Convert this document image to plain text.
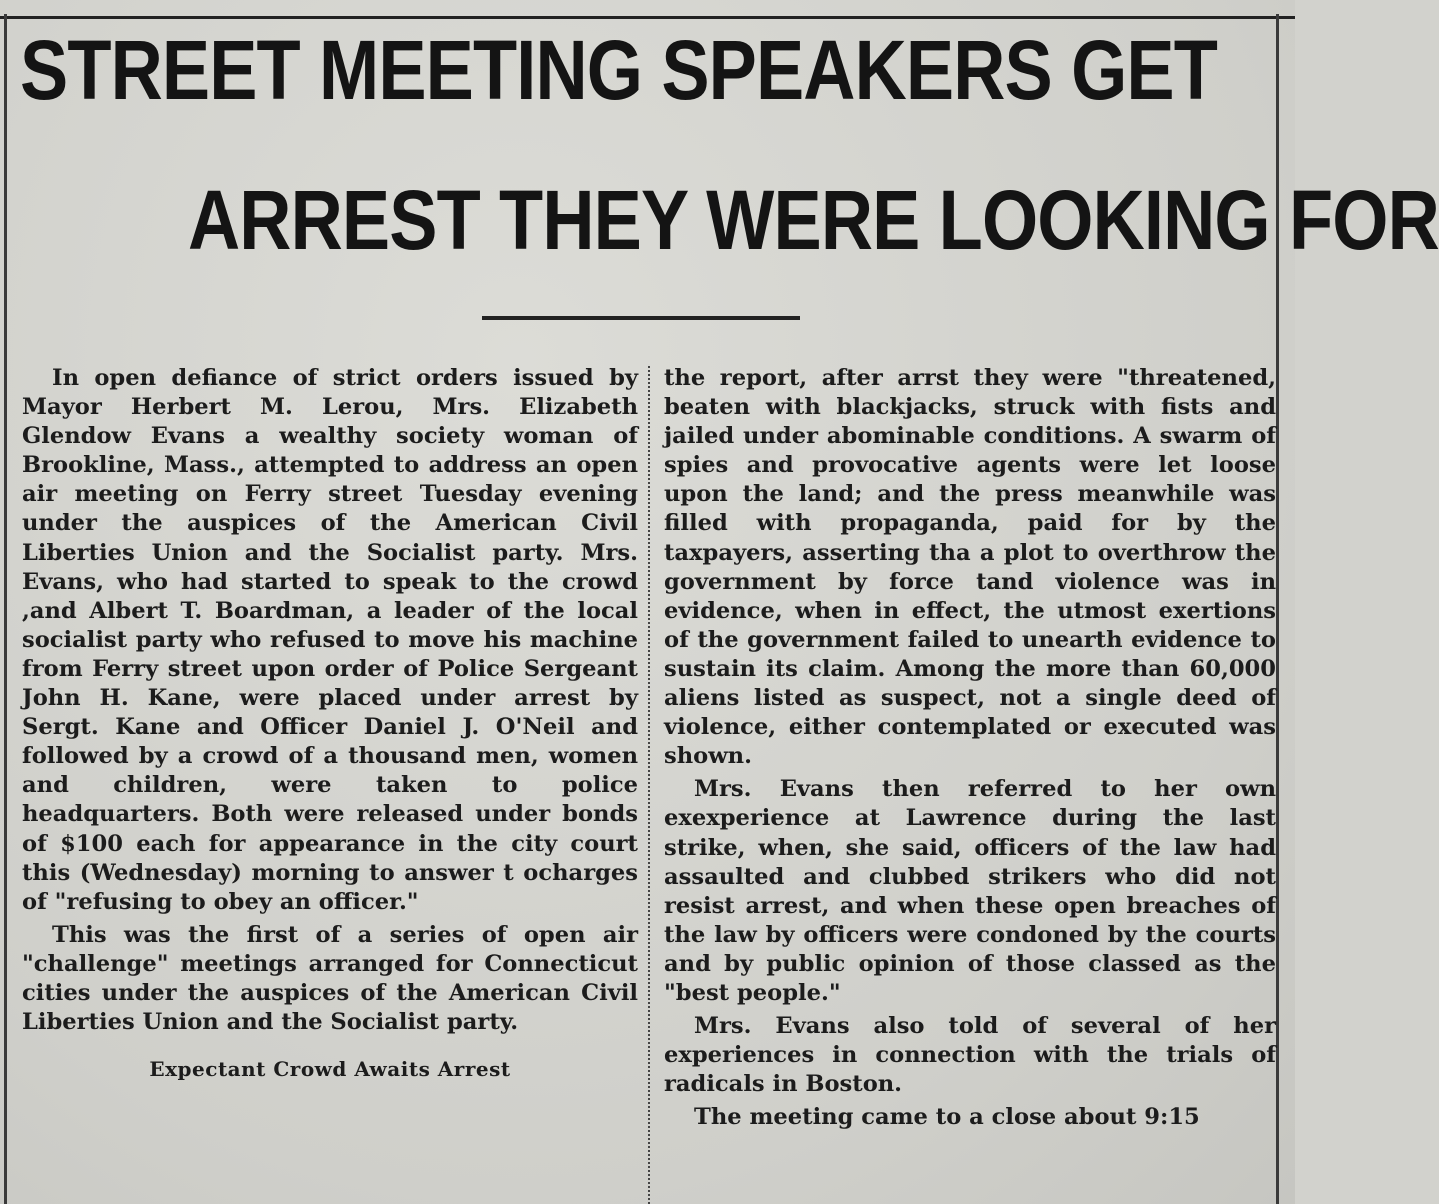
STREET MEETING SPEAKERS GET
ARREST THEY WERE LOOKING FOR

In open defiance of strict orders issued by Mayor Herbert M. Lerou, Mrs. Elizabeth Glendow Evans a wealthy society woman of Brookline, Mass., attempted to address an open air meeting on Ferry street Tuesday evening under the auspices of the American Civil Liberties Union and the Socialist party. Mrs. Evans, who had started to speak to the crowd ,and Albert T. Boardman, a leader of the local socialist party who refused to move his machine from Ferry street upon order of Police Sergeant John H. Kane, were placed under arrest by Sergt. Kane and Officer Daniel J. O'Neil and followed by a crowd of a thousand men, women and children, were taken to police headquarters. Both were released under bonds of $100 each for appearance in the city court this (Wednesday) morning to answer t ocharges of "refusing to obey an officer."

This was the first of a series of open air "challenge" meetings arranged for Connecticut cities under the auspices of the American Civil Liberties Union and the Socialist party.

Expectant Crowd Awaits Arrest

the report, after arrst they were "threatened, beaten with blackjacks, struck with fists and jailed under abominable conditions. A swarm of spies and provocative agents were let loose upon the land; and the press meanwhile was filled with propaganda, paid for by the taxpayers, asserting tha a plot to overthrow the government by force tand violence was in evidence, when in effect, the utmost exertions of the government failed to unearth evidence to sustain its claim. Among the more than 60,000 aliens listed as suspect, not a single deed of violence, either contemplated or executed was shown.

Mrs. Evans then referred to her own exexperience at Lawrence during the last strike, when, she said, officers of the law had assaulted and clubbed strikers who did not resist arrest, and when these open breaches of the law by officers were condoned by the courts and by public opinion of those classed as the "best people."

Mrs. Evans also told of several of her experiences in connection with the trials of radicals in Boston.

The meeting came to a close about 9:15
